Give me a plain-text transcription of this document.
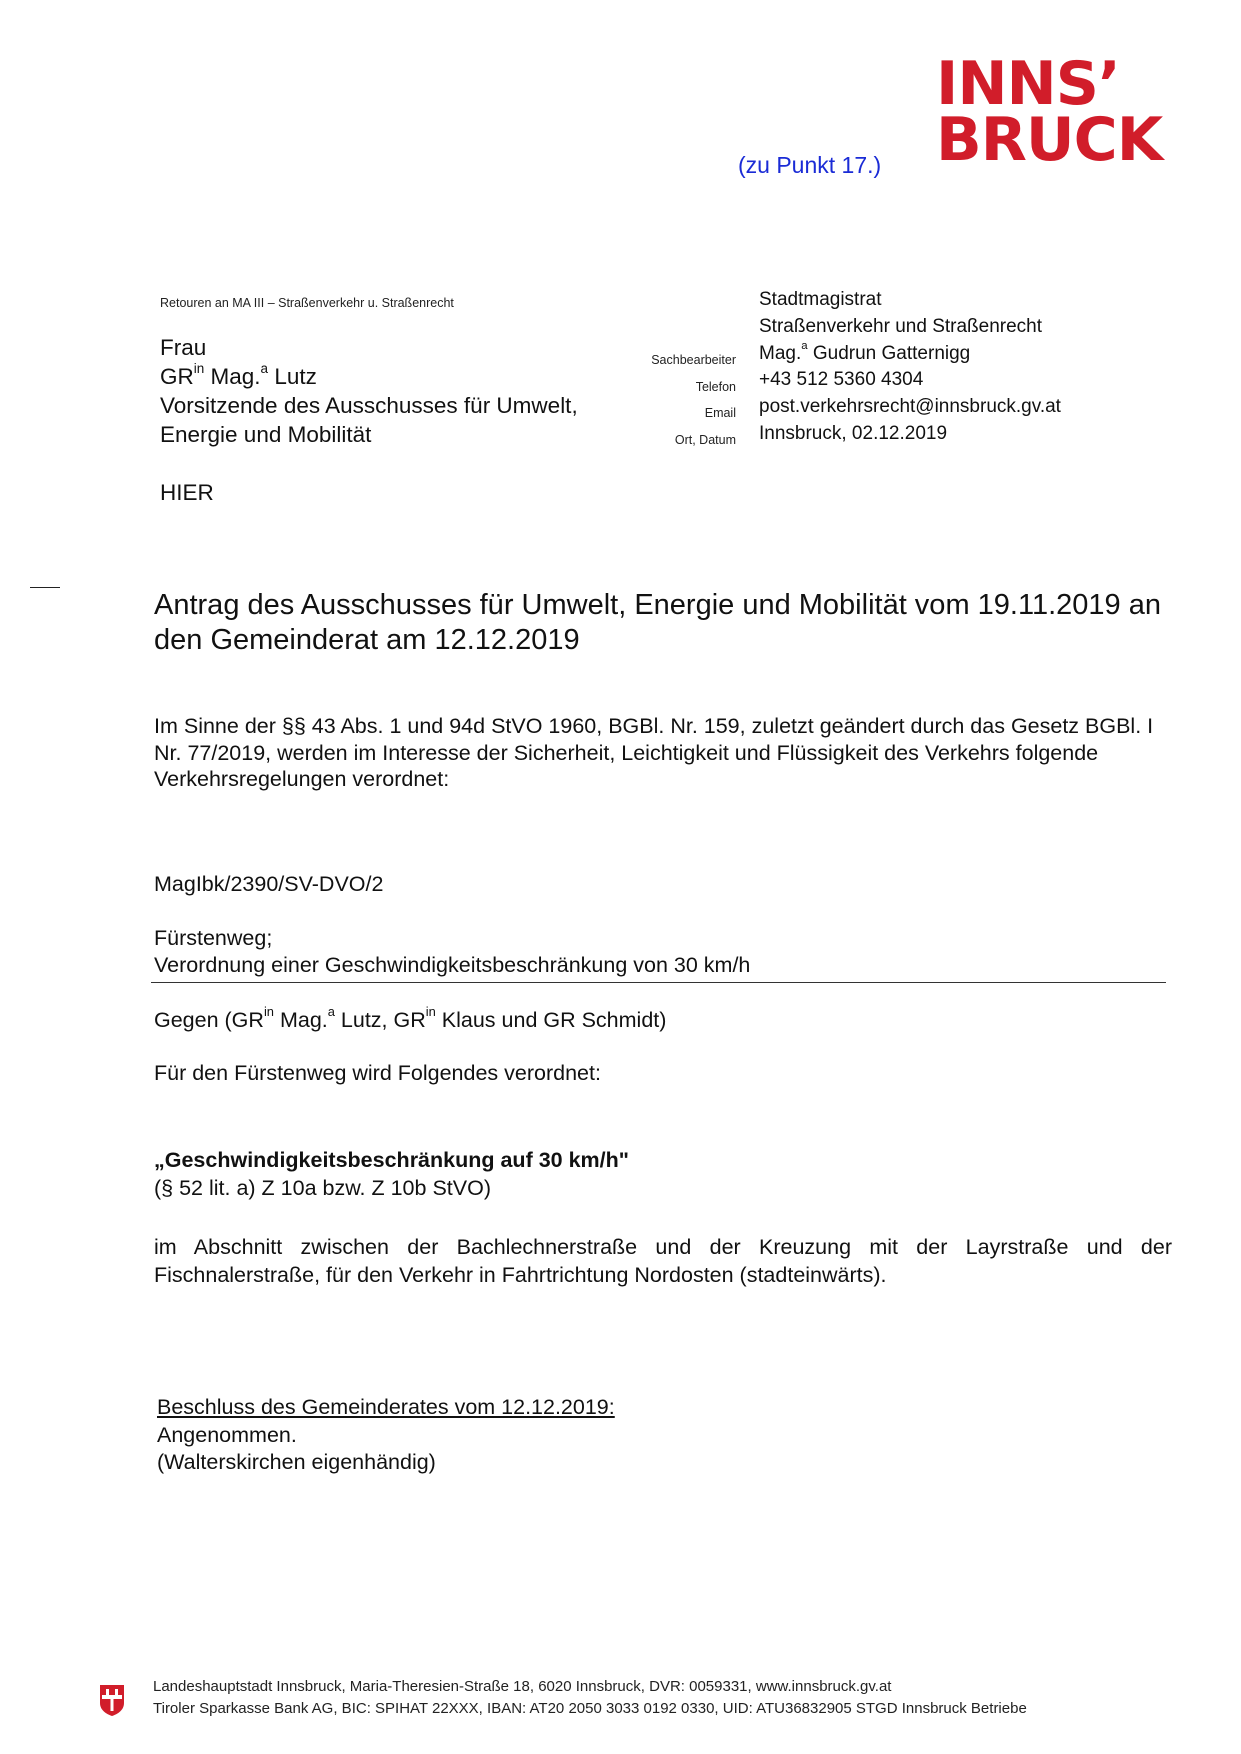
INNS’
BRUCK
(zu Punkt 17.)
Retouren an MA III – Straßenverkehr u. Straßenrecht
Frau
$GR^{in}$ Mag.$^a$ Lutz
Vorsitzende des Ausschusses für Umwelt,
Energie und Mobilität
HIER
Sachbearbeiter
Telefon
Email
Ort, Datum
Stadtmagistrat
Straßenverkehr und Straßenrecht
Mag.$^a$ Gudrun Gatternigg
+43 512 5360 4304
post.verkehrsrecht@innsbruck.gv.at
Innsbruck, 02.12.2019
Antrag des Ausschusses für Umwelt, Energie und Mobilität vom 19.11.2019 an den Gemeinderat am 12.12.2019
Im Sinne der §§ 43 Abs. 1 und 94d StVO 1960, BGBl. Nr. 159, zuletzt geändert durch das Gesetz BGBl. I Nr. 77/2019, werden im Interesse der Sicherheit, Leichtigkeit und Flüssigkeit des Verkehrs folgende Verkehrsregelungen verordnet:
MagIbk/2390/SV-DVO/2
Fürstenweg;
Verordnung einer Geschwindigkeitsbeschränkung von 30 km/h
Gegen ($GR^{in}$ Mag.$^a$ Lutz, $GR^{in}$ Klaus und GR Schmidt)
Für den Fürstenweg wird Folgendes verordnet:
„Geschwindigkeitsbeschränkung auf 30 km/h"
(§ 52 lit. a) Z 10a bzw. Z 10b StVO)
im Abschnitt zwischen der Bachlechnerstraße und der Kreuzung mit der Layrstraße und der Fischnalerstraße, für den Verkehr in Fahrtrichtung Nordosten (stadteinwärts).
Beschluss des Gemeinderates vom 12.12.2019:
Angenommen.
(Walterskirchen eigenhändig)
Landeshauptstadt Innsbruck, Maria-Theresien-Straße 18, 6020 Innsbruck, DVR: 0059331, www.innsbruck.gv.at
Tiroler Sparkasse Bank AG, BIC: SPIHAT 22XXX, IBAN: AT20 2050 3033 0192 0330, UID: ATU36832905 STGD Innsbruck Betriebe
